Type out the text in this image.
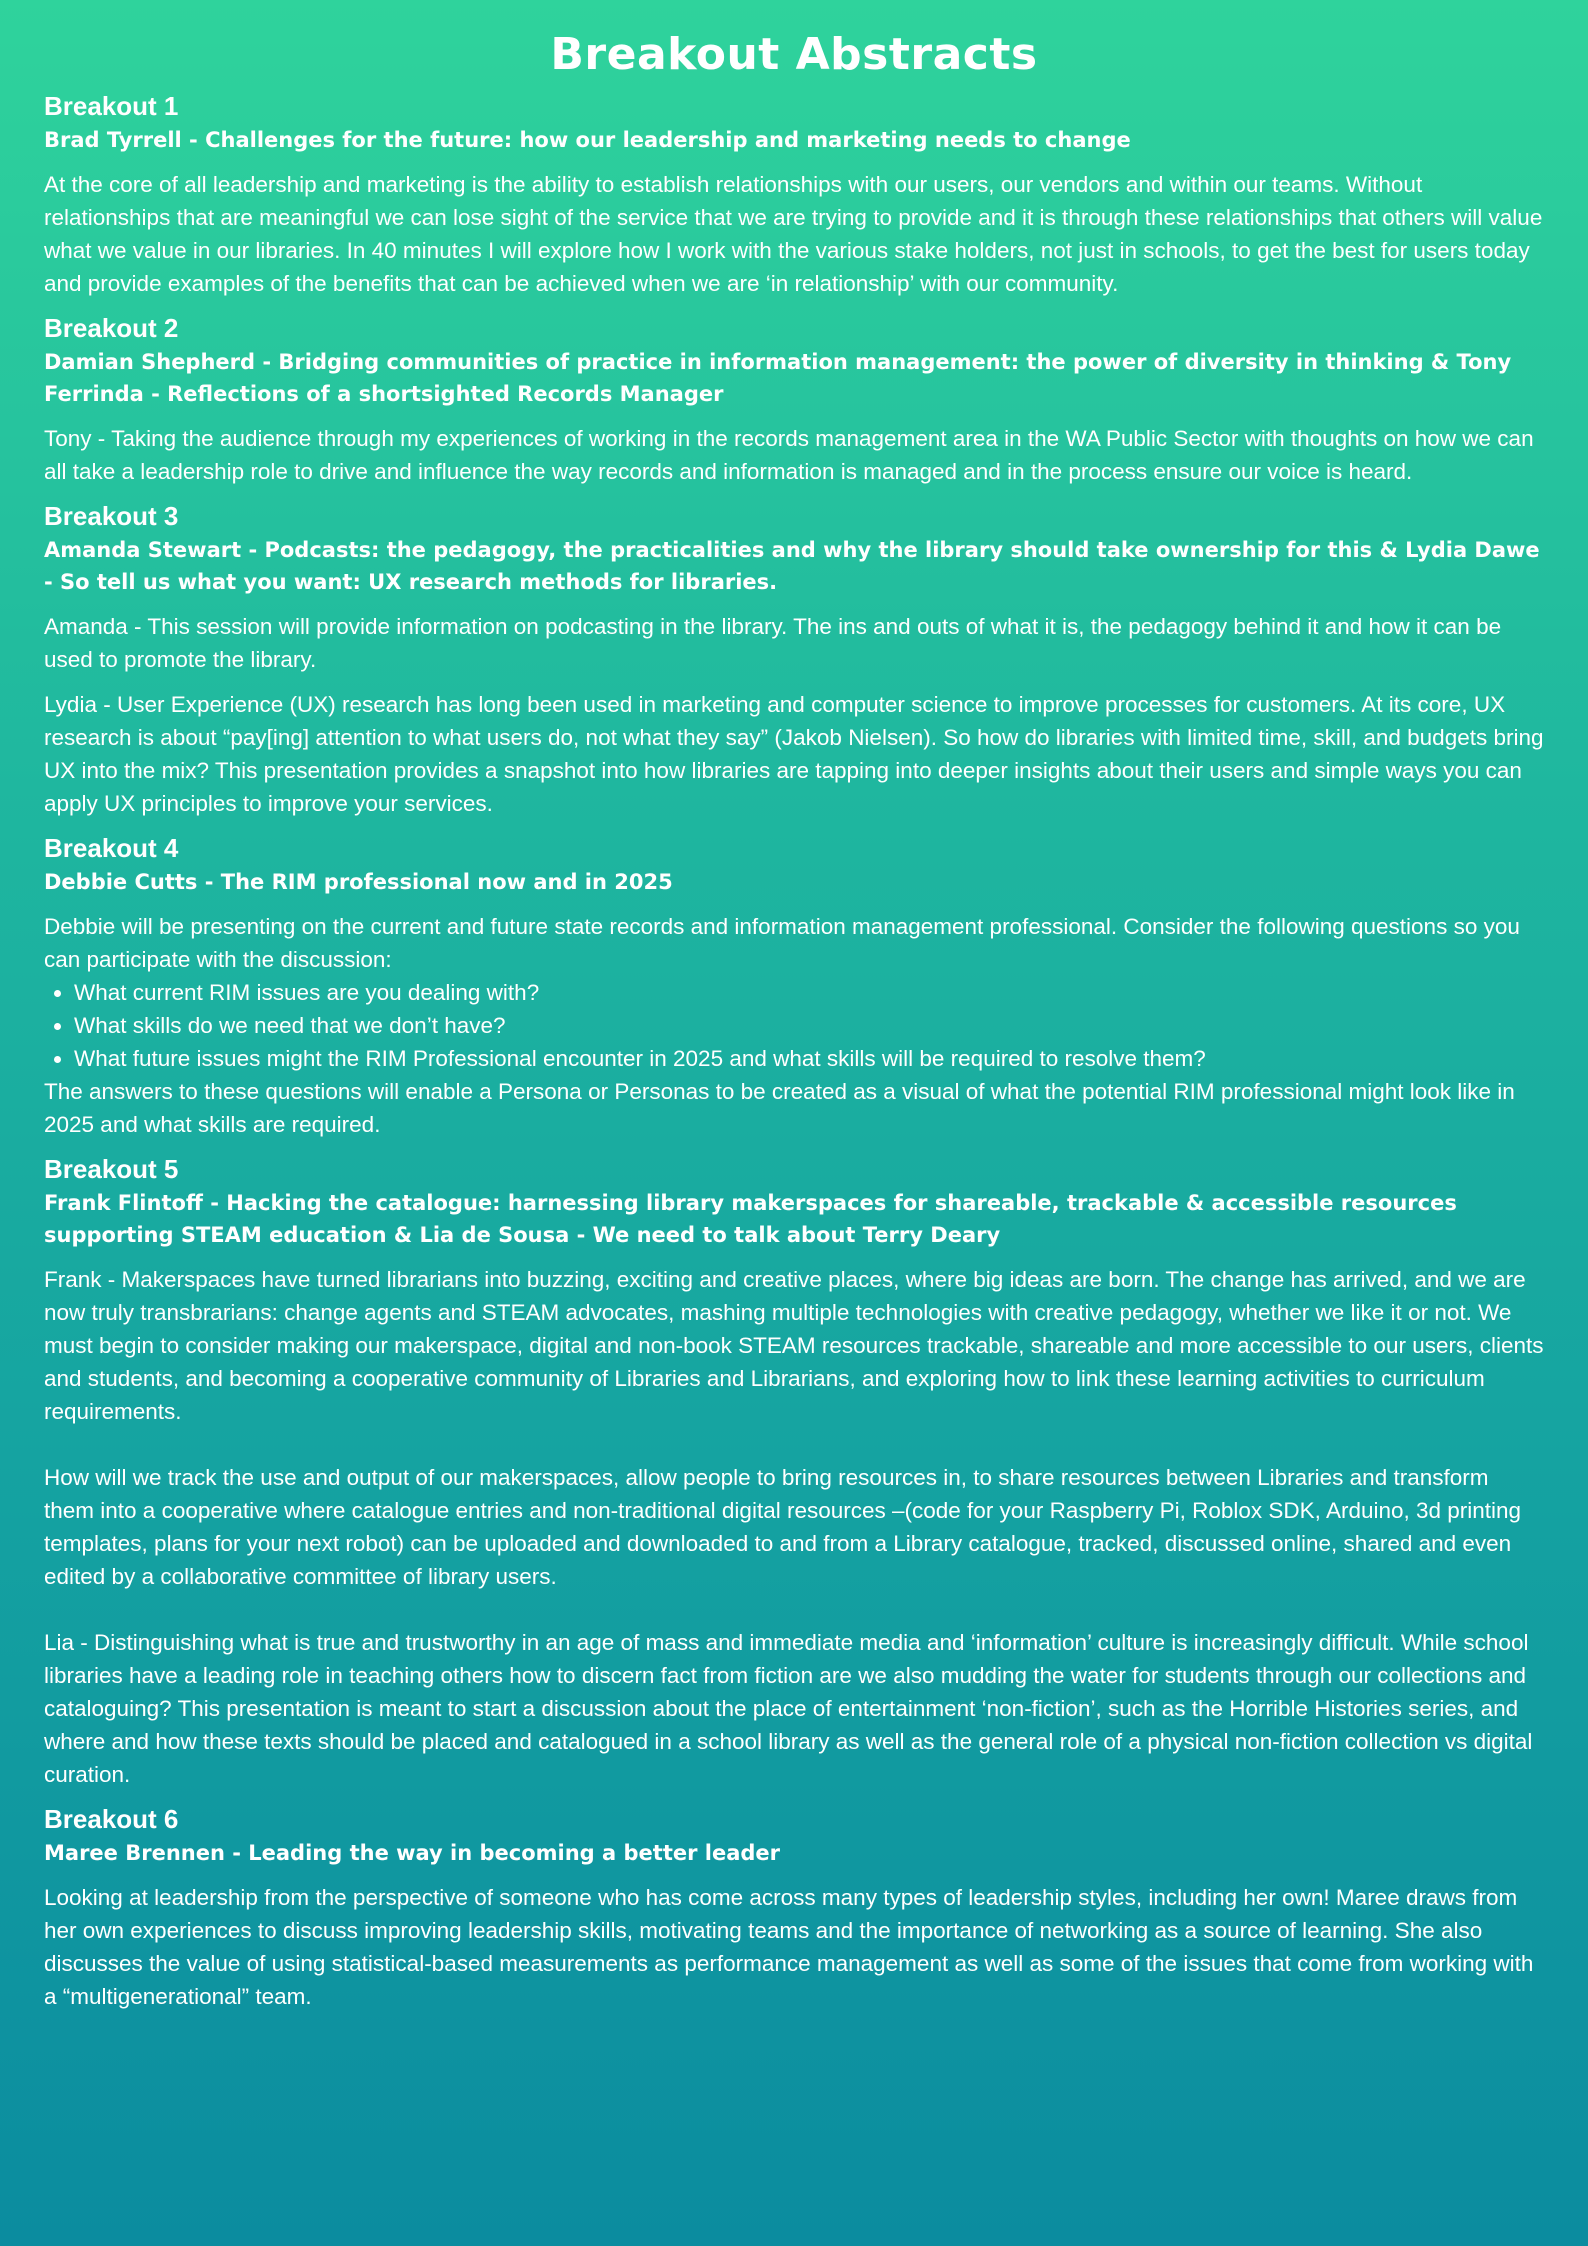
Breakout Abstracts
Breakout 1
Brad Tyrrell - Challenges for the future: how our leadership and marketing needs to change

At the core of all leadership and marketing is the ability to establish relationships with our users, our vendors and within our teams. Without relationships that are meaningful we can lose sight of the service that we are trying to provide and it is through these relationships that others will value what we value in our libraries. In 40 minutes I will explore how I work with the various stake holders, not just in schools, to get the best for users today and provide examples of the benefits that can be achieved when we are ‘in relationship’ with our community.

Breakout 2
Damian Shepherd - Bridging communities of practice in information management: the power of diversity in thinking & Tony Ferrinda - Reflections of a shortsighted Records Manager

Tony - Taking the audience through my experiences of working in the records management area in the WA Public Sector with thoughts on how we can all take a leadership role to drive and influence the way records and information is managed and in the process ensure our voice is heard.

Breakout 3
Amanda Stewart - Podcasts: the pedagogy, the practicalities and why the library should take ownership for this & Lydia Dawe - So tell us what you want: UX research methods for libraries.

Amanda - This session will provide information on podcasting in the library. The ins and outs of what it is, the pedagogy behind it and how it can be used to promote the library.

Lydia - User Experience (UX) research has long been used in marketing and computer science to improve processes for customers. At its core, UX research is about “pay[ing] attention to what users do, not what they say” (Jakob Nielsen). So how do libraries with limited time, skill, and budgets bring UX into the mix? This presentation provides a snapshot into how libraries are tapping into deeper insights about their users and simple ways you can apply UX principles to improve your services.

Breakout 4
Debbie Cutts - The RIM professional now and in 2025

Debbie will be presenting on the current and future state records and information management professional. Consider the following questions so you can participate with the discussion:

• What current RIM issues are you dealing with?
• What skills do we need that we don’t have?
• What future issues might the RIM Professional encounter in 2025 and what skills will be required to resolve them?

The answers to these questions will enable a Persona or Personas to be created as a visual of what the potential RIM professional might look like in 2025 and what skills are required.

Breakout 5
Frank Flintoff - Hacking the catalogue: harnessing library makerspaces for shareable, trackable & accessible resources supporting STEAM education & Lia de Sousa - We need to talk about Terry Deary

Frank - Makerspaces have turned librarians into buzzing, exciting and creative places, where big ideas are born. The change has arrived, and we are now truly transbrarians: change agents and STEAM advocates, mashing multiple technologies with creative pedagogy, whether we like it or not. We must begin to consider making our makerspace, digital and non-book STEAM resources trackable, shareable and more accessible to our users, clients and students, and becoming a cooperative community of Libraries and Librarians, and exploring how to link these learning activities to curriculum requirements.

How will we track the use and output of our makerspaces, allow people to bring resources in, to share resources between Libraries and transform them into a cooperative where catalogue entries and non-traditional digital resources –(code for your Raspberry Pi, Roblox SDK, Arduino, 3d printing templates, plans for your next robot) can be uploaded and downloaded to and from a Library catalogue, tracked, discussed online, shared and even edited by a collaborative committee of library users.

Lia - Distinguishing what is true and trustworthy in an age of mass and immediate media and ‘information’ culture is increasingly difficult. While school libraries have a leading role in teaching others how to discern fact from fiction are we also mudding the water for students through our collections and cataloguing? This presentation is meant to start a discussion about the place of entertainment ‘non-fiction’, such as the Horrible Histories series, and where and how these texts should be placed and catalogued in a school library as well as the general role of a physical non-fiction collection vs digital curation.

Breakout 6
Maree Brennen - Leading the way in becoming a better leader

Looking at leadership from the perspective of someone who has come across many types of leadership styles, including her own! Maree draws from her own experiences to discuss improving leadership skills, motivating teams and the importance of networking as a source of learning. She also discusses the value of using statistical-based measurements as performance management as well as some of the issues that come from working with a “multigenerational” team.
